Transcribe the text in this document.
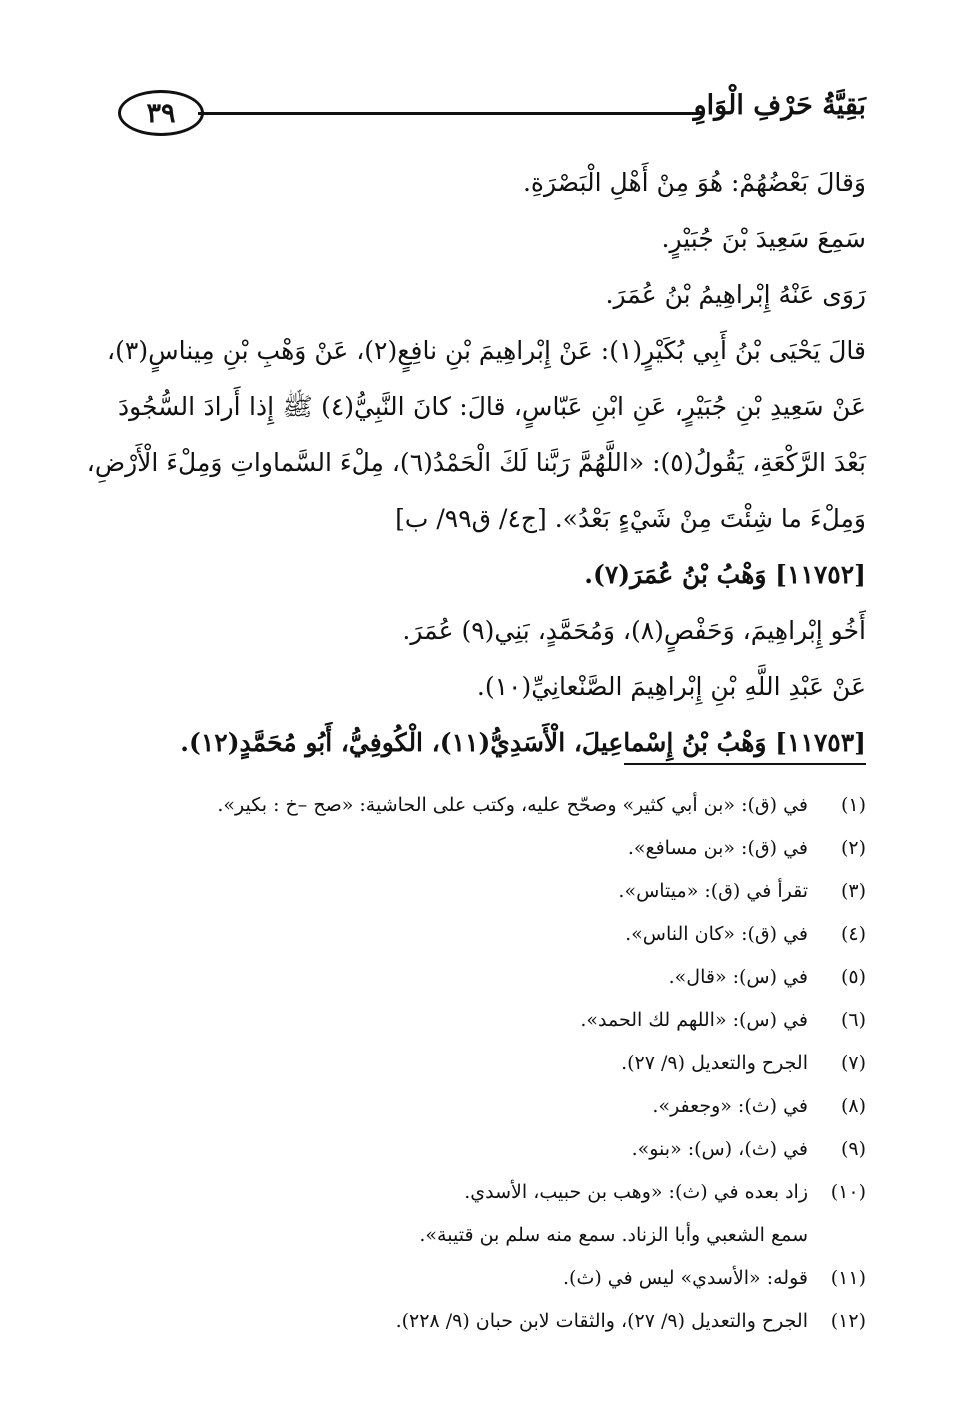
٣٩	بَقِيَّةُ حَرْفِ الْوَاوِ
وَقالَ بَعْضُهُمْ: هُوَ مِنْ أَهْلِ الْبَصْرَةِ.
سَمِعَ سَعِيدَ بْنَ جُبَيْرٍ.
رَوَى عَنْهُ إِبْراهِيمُ بْنُ عُمَرَ.
قالَ يَحْيَى بْنُ أَبِي بُكَيْرٍ(١): عَنْ إِبْراهِيمَ بْنِ نافِعٍ(٢)، عَنْ وَهْبِ بْنِ مِيناسٍ(٣)،
عَنْ سَعِيدِ بْنِ جُبَيْرٍ، عَنِ ابْنِ عَبّاسٍ، قالَ: كانَ النَّبِيُّ(٤) ﷺ إِذا أَرادَ السُّجُودَ
بَعْدَ الرَّكْعَةِ، يَقُولُ(٥): «اللَّهُمَّ رَبَّنا لَكَ الْحَمْدُ(٦)، مِلْءَ السَّماواتِ وَمِلْءَ الْأَرْضِ،
وَمِلْءَ ما شِئْتَ مِنْ شَيْءٍ بَعْدُ». [ج٤/ ق٩٩/ ب]
[١١٧٥٢] وَهْبُ بْنُ عُمَرَ(٧).
أَخُو إِبْراهِيمَ، وَحَفْصٍ(٨)، وَمُحَمَّدٍ، بَنِي(٩) عُمَرَ.
عَنْ عَبْدِ اللَّهِ بْنِ إِبْراهِيمَ الصَّنْعانِيِّ(١٠).
[١١٧٥٣] وَهْبُ بْنُ إِسْماعِيلَ، الْأَسَدِيُّ(١١)، الْكُوفِيُّ، أَبُو مُحَمَّدٍ(١٢).
(١)في (ق): «بن أبي كثير» وصحّح عليه، وكتب على الحاشية: «صح –خ : بكير».
(٢)في (ق): «بن مسافع».
(٣)تقرأ في (ق): «ميتاس».
(٤)في (ق): «كان الناس».
(٥)في (س): «قال».
(٦)في (س): «اللهم لك الحمد».
(٧)الجرح والتعديل (٩/ ٢٧).
(٨)في (ث): «وجعفر».
(٩)في (ث)، (س): «بنو».
(١٠)زاد بعده في (ث): «وهب بن حبيب، الأسدي.
سمع الشعبي وأبا الزناد. سمع منه سلم بن قتيبة».
(١١)قوله: «الأسدي» ليس في (ث).
(١٢)الجرح والتعديل (٩/ ٢٧)، والثقات لابن حبان (٩/ ٢٢٨).
